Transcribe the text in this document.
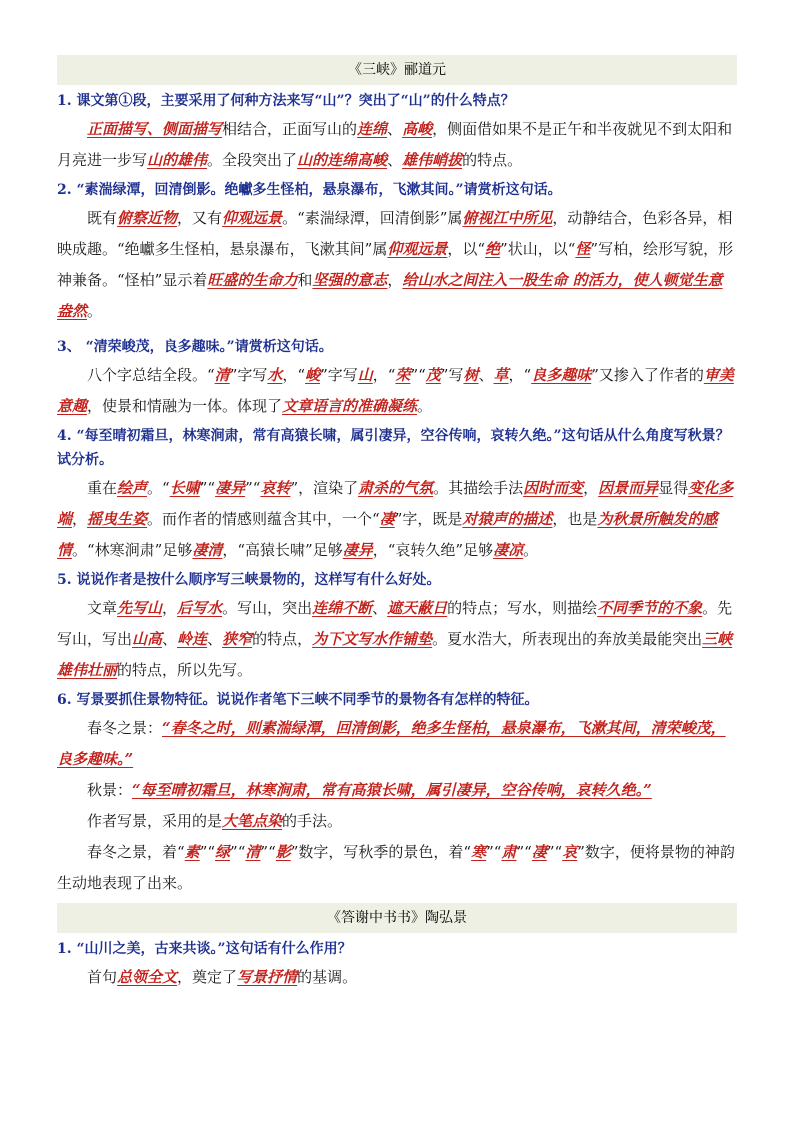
《三峡》郦道元
1. 课文第①段，主要采用了何种方法来写“山”？突出了“山”的什么特点？

正面描写、侧面描写相结合，正面写山的连绵、高峻，侧面借如果不是正午和半夜就见不到太阳和月亮进一步写山的雄伟。全段突出了山的连绵高峻、雄伟峭拔的特点。

2. “素湍绿潭，回清倒影。绝巘多生怪柏，悬泉瀑布，飞漱其间。”请赏析这句话。

既有俯察近物，又有仰观远景。“素湍绿潭，回清倒影”属俯视江中所见，动静结合，色彩各异，相映成趣。“绝巘多生怪柏，悬泉瀑布，飞漱其间”属仰观远景，以“绝”状山，以“怪”写柏，绘形写貌，形神兼备。“怪柏”显示着旺盛的生命力和坚强的意志，给山水之间注入一股生命 的活力，使人顿觉生意盎然。

3、 “清荣峻茂，良多趣味。”请赏析这句话。

八个字总结全段。“清”字写水，“峻”字写山，“荣”“茂”写树、草，“良多趣味”又掺入了作者的审美意趣，使景和情融为一体。体现了文章语言的准确凝练。

4. “每至晴初霜旦，林寒涧肃，常有高猿长啸，属引凄异，空谷传响，哀转久绝。”这句话从什么角度写秋景？试分析。

重在绘声。“长啸”“凄异”“哀转”，渲染了肃杀的气氛。其描绘手法因时而变，因景而异显得变化多端，摇曳生姿。而作者的情感则蕴含其中，一个“凄”字，既是对猿声的描述，也是为秋景所触发的感情。“林寒涧肃”足够凄清，“高猿长啸”足够凄异，“哀转久绝”足够凄凉。

5. 说说作者是按什么顺序写三峡景物的，这样写有什么好处。

文章先写山，后写水。写山，突出连绵不断、遮天蔽日的特点；写水，则描绘不同季节的不象。先写山，写出山高、岭连、狭窄的特点，为下文写水作铺垫。夏水浩大，所表现出的奔放美最能突出三峡雄伟壮丽的特点，所以先写。

6. 写景要抓住景物特征。说说作者笔下三峡不同季节的景物各有怎样的特征。

春冬之景：“春冬之时，则素湍绿潭，回清倒影，绝多生怪柏，悬泉瀑布，飞漱其间，清荣峻茂，良多趣味。”

秋景：“每至晴初霜旦，林寒涧肃，常有高猿长啸，属引凄异，空谷传响，哀转久绝。”

作者写景，采用的是大笔点染的手法。

春冬之景，着“素”“绿”“清”“影”数字，写秋季的景色，着“寒”“肃”“凄”“哀”数字，便将景物的神韵生动地表现了出来。

《答谢中书书》陶弘景
1. “山川之美，古来共谈。”这句话有什么作用？

首句总领全文，奠定了写景抒情的基调。
